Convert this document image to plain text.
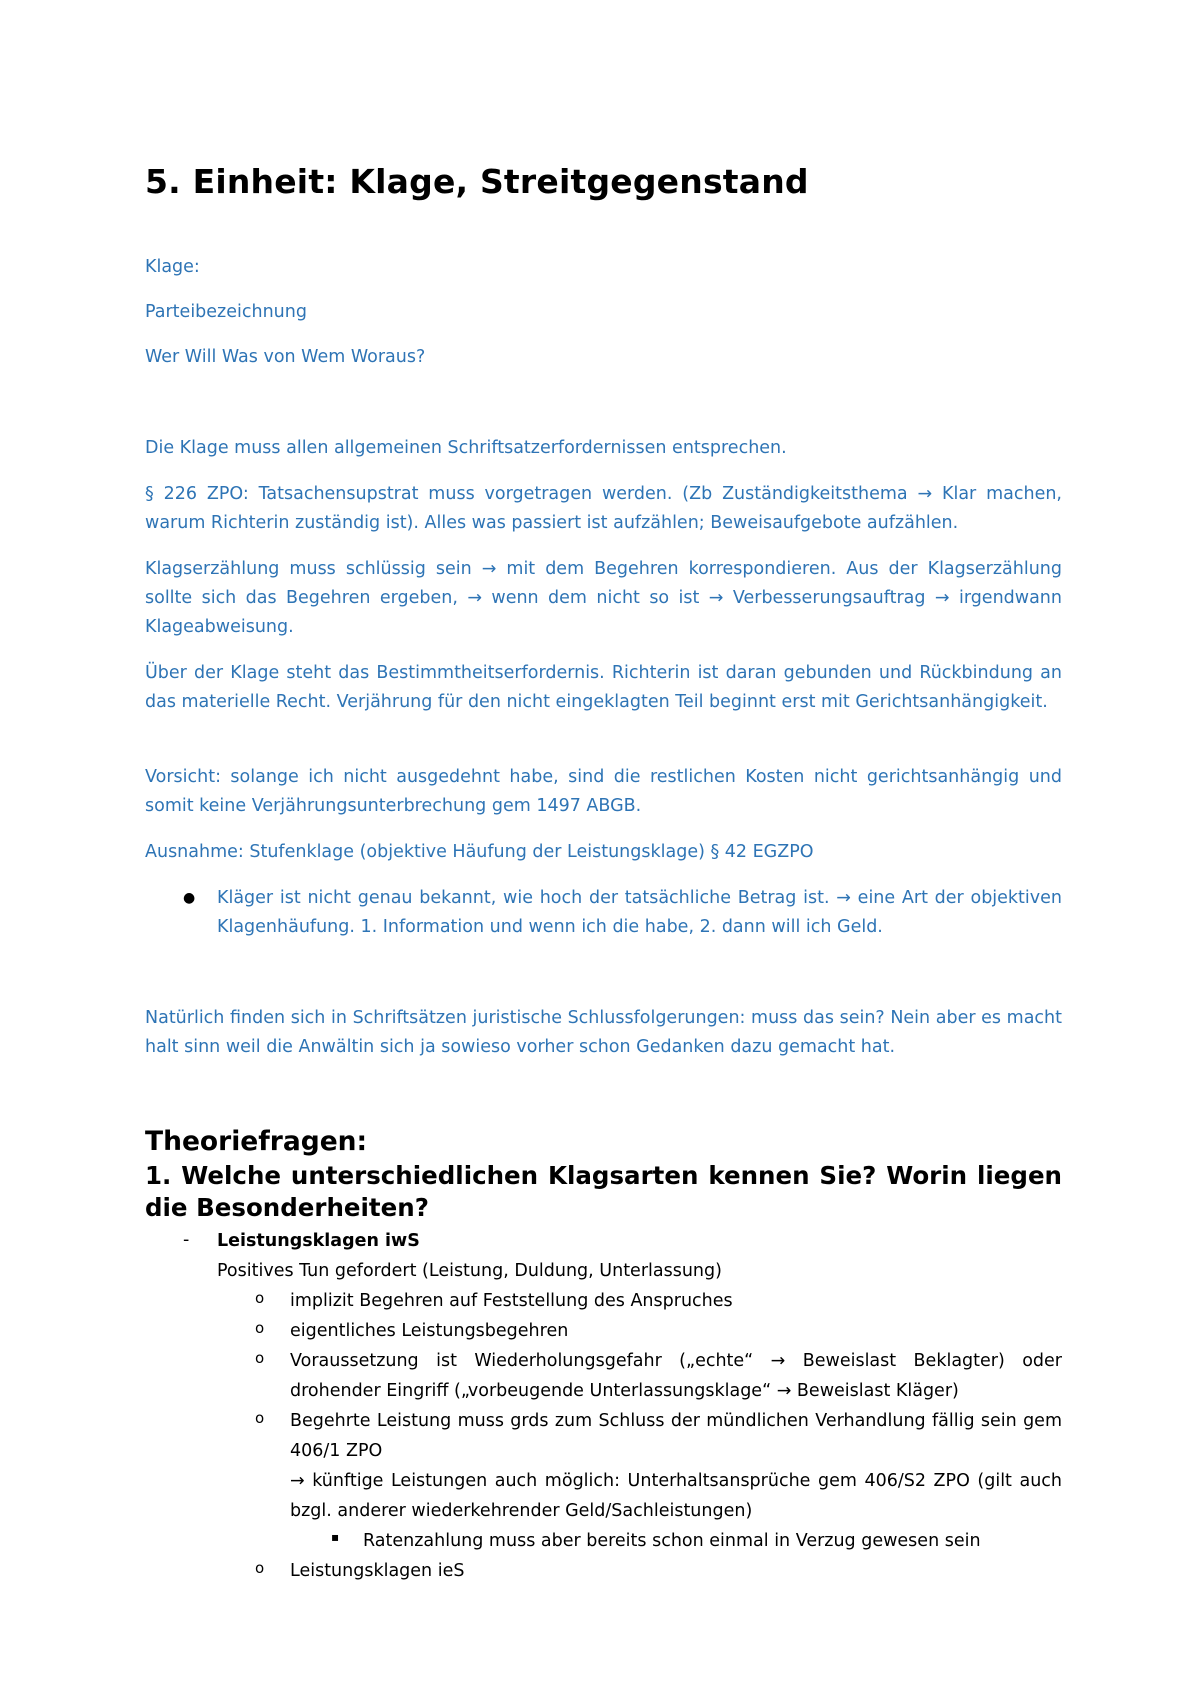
5. Einheit: Klage, Streitgegenstand

Klage:

Parteibezeichnung

Wer Will Was von Wem Woraus?

Die Klage muss allen allgemeinen Schriftsatzerfordernissen entsprechen.

§ 226 ZPO: Tatsachensupstrat muss vorgetragen werden. (Zb Zuständigkeitsthema → Klar machen, warum Richterin zuständig ist). Alles was passiert ist aufzählen; Beweisaufgebote aufzählen.

Klagserzählung muss schlüssig sein → mit dem Begehren korrespondieren. Aus der Klagserzählung sollte sich das Begehren ergeben, → wenn dem nicht so ist → Verbesserungsauftrag → irgendwann Klageabweisung.

Über der Klage steht das Bestimmtheitserfordernis. Richterin ist daran gebunden und Rückbindung an das materielle Recht. Verjährung für den nicht eingeklagten Teil beginnt erst mit Gerichtsanhängigkeit.

Vorsicht: solange ich nicht ausgedehnt habe, sind die restlichen Kosten nicht gerichtsanhängig und somit keine Verjährungsunterbrechung gem 1497 ABGB.

Ausnahme: Stufenklage (objektive Häufung der Leistungsklage) § 42 EGZPO

● Kläger ist nicht genau bekannt, wie hoch der tatsächliche Betrag ist. → eine Art der objektiven Klagenhäufung. 1. Information und wenn ich die habe, 2. dann will ich Geld.

Natürlich finden sich in Schriftsätzen juristische Schlussfolgerungen: muss das sein? Nein aber es macht halt sinn weil die Anwältin sich ja sowieso vorher schon Gedanken dazu gemacht hat.

Theoriefragen:
1. Welche unterschiedlichen Klagsarten kennen Sie? Worin liegen die Besonderheiten?
- Leistungsklagen iwS

Positives Tun gefordert (Leistung, Duldung, Unterlassung)

o implizit Begehren auf Feststellung des Anspruches

o eigentliches Leistungsbegehren

o Voraussetzung ist Wiederholungsgefahr („echte“ → Beweislast Beklagter) oder drohender Eingriff („vorbeugende Unterlassungsklage“ → Beweislast Kläger)

o Begehrte Leistung muss grds zum Schluss der mündlichen Verhandlung fällig sein gem 406/1 ZPO

→ künftige Leistungen auch möglich: Unterhaltsansprüche gem 406/S2 ZPO (gilt auch bzgl. anderer wiederkehrender Geld/Sachleistungen)

▪ Ratenzahlung muss aber bereits schon einmal in Verzug gewesen sein

o Leistungsklagen ieS
